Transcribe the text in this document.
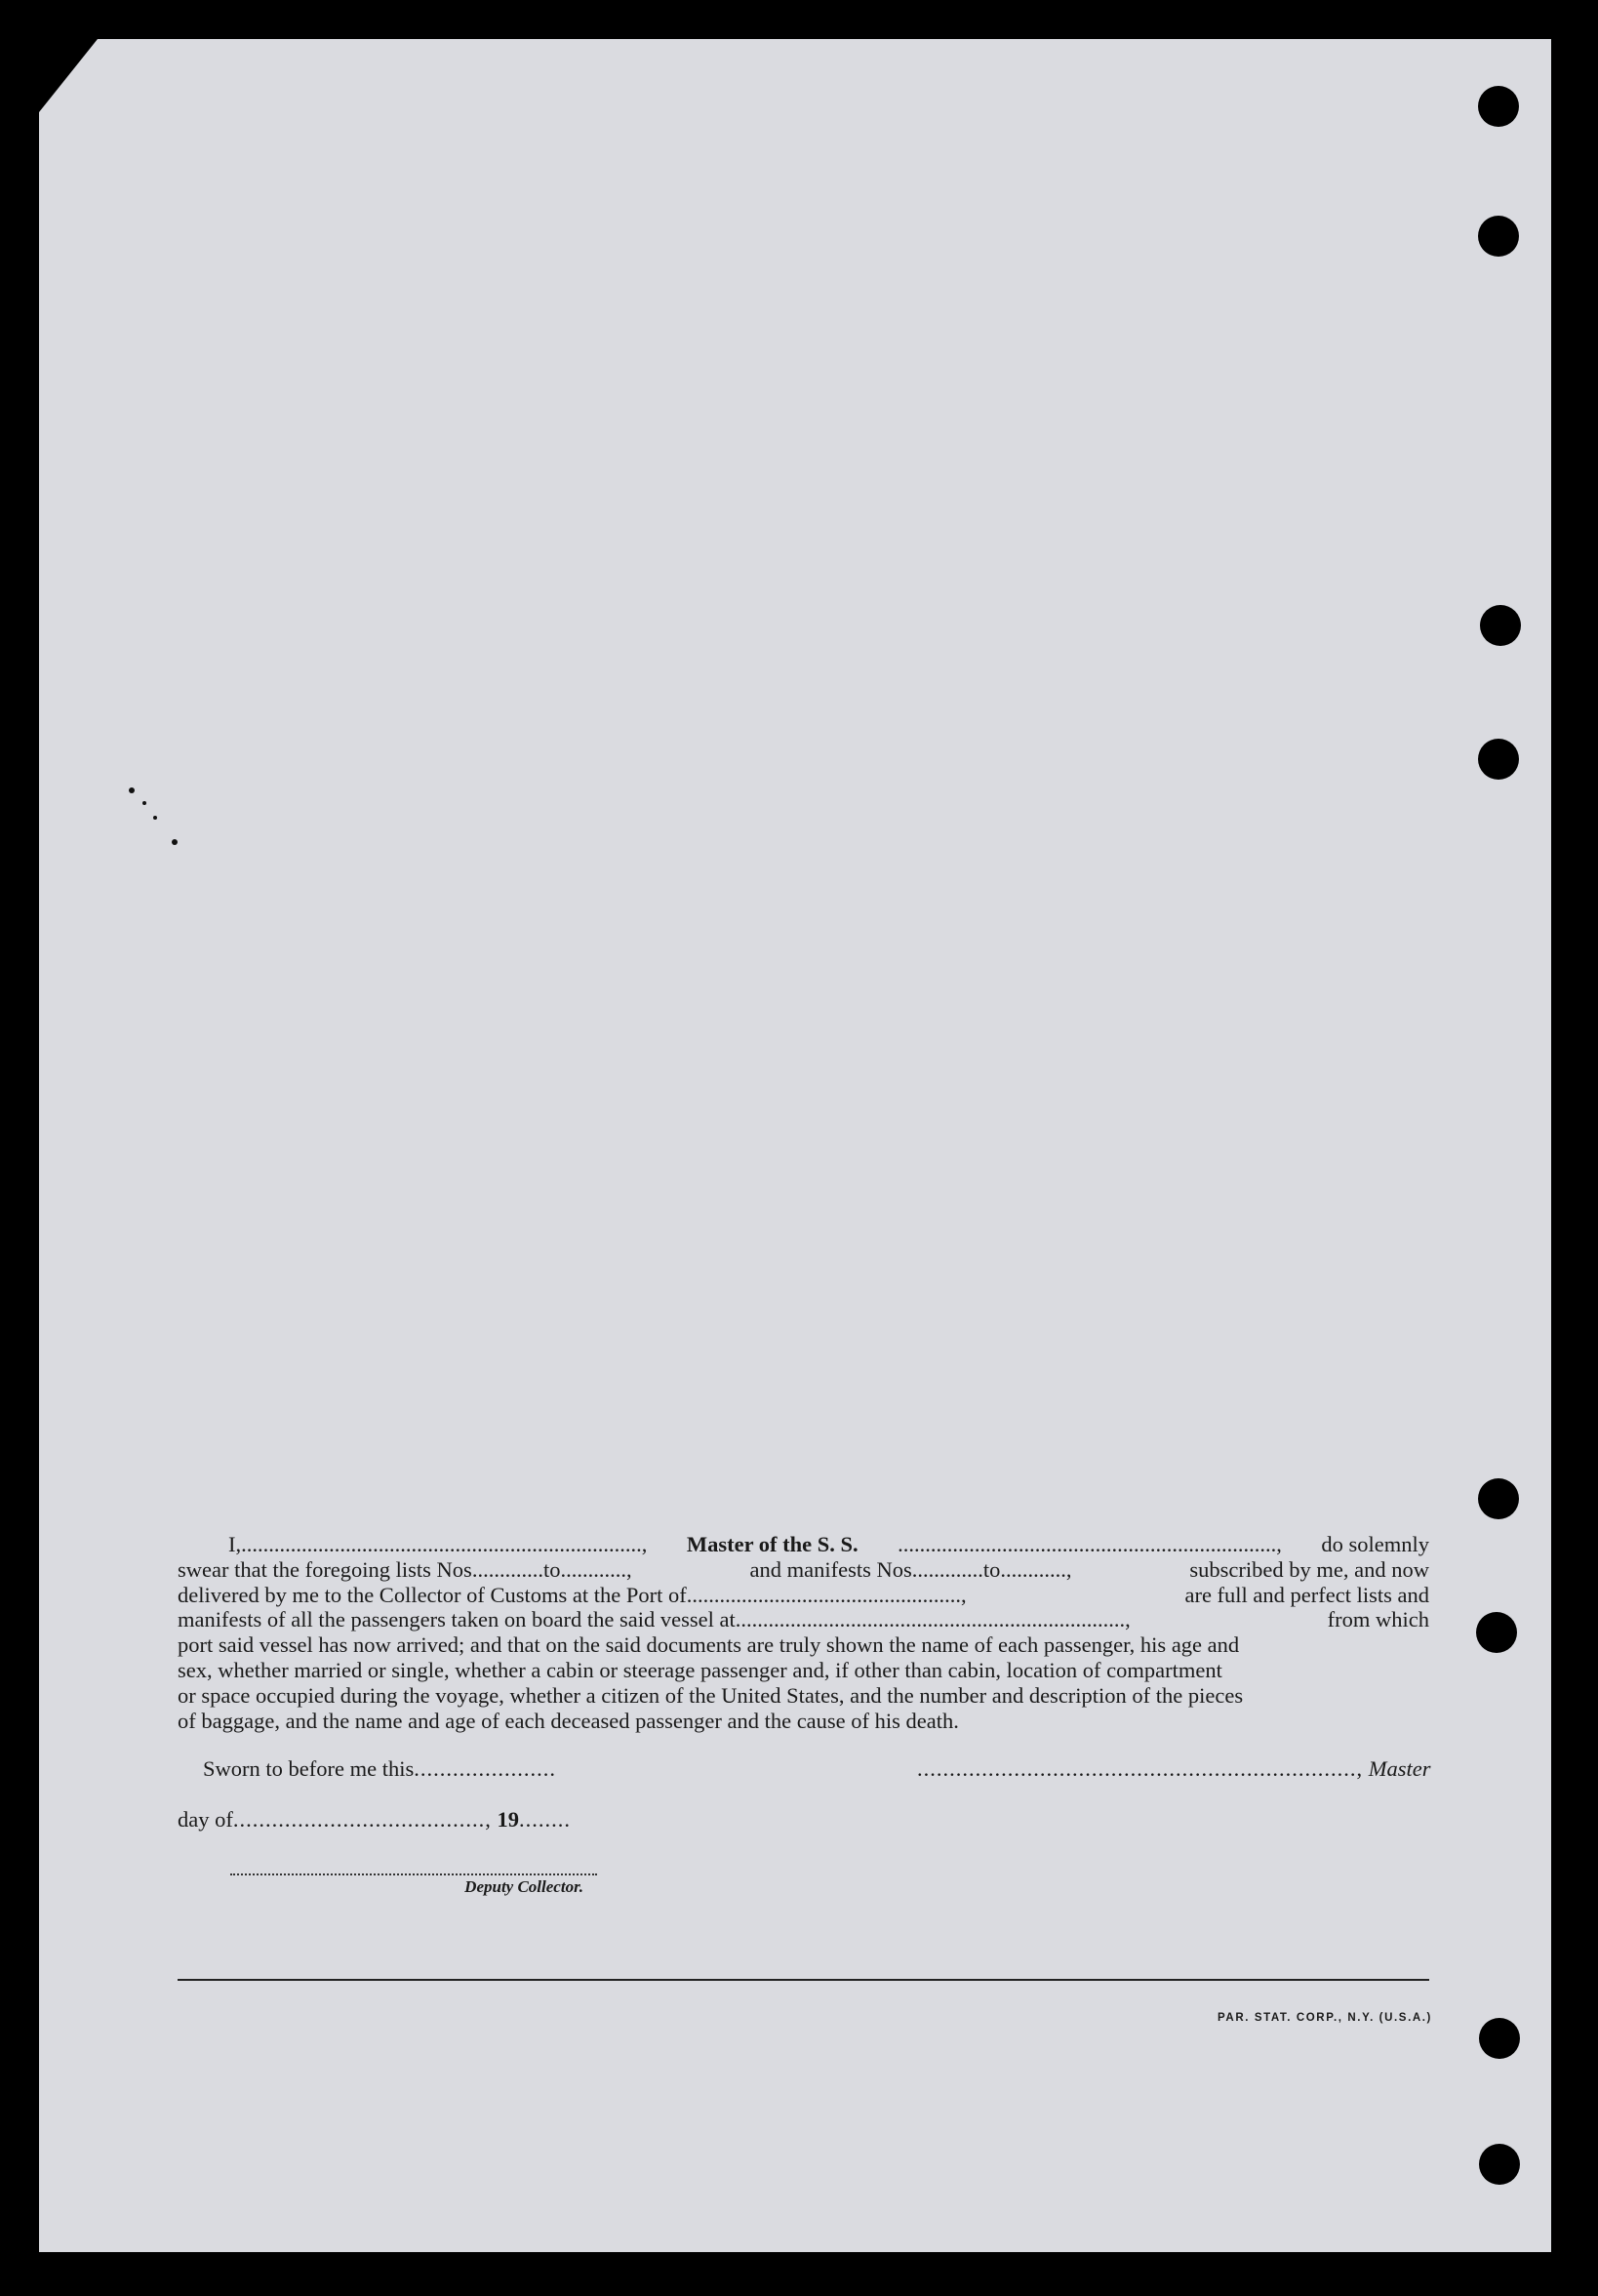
I,........................................................................., Master of the S. S. ....................................................................., do solemnly
swear that the foregoing lists Nos.............to............,	and manifests Nos.............to............,	subscribed by me, and now
delivered by me to the Collector of Customs at the Port of..................................................,	are full and perfect lists and
manifests of all the passengers taken on board the said vessel at.......................................................................,	from which
port said vessel has now arrived; and that on the said documents are truly shown the name of each passenger, his age and
sex, whether married or single, whether a cabin or steerage passenger and, if other than cabin, location of compartment
or space occupied during the voyage, whether a citizen of the United States, and the number and description of the pieces
of baggage, and the name and age of each deceased passenger and the cause of his death.
Sworn to before me this......................
day of......................................., 19........
...................................................................., Master
Deputy Collector.
PAR. STAT. CORP., N.Y. (U.S.A.)
